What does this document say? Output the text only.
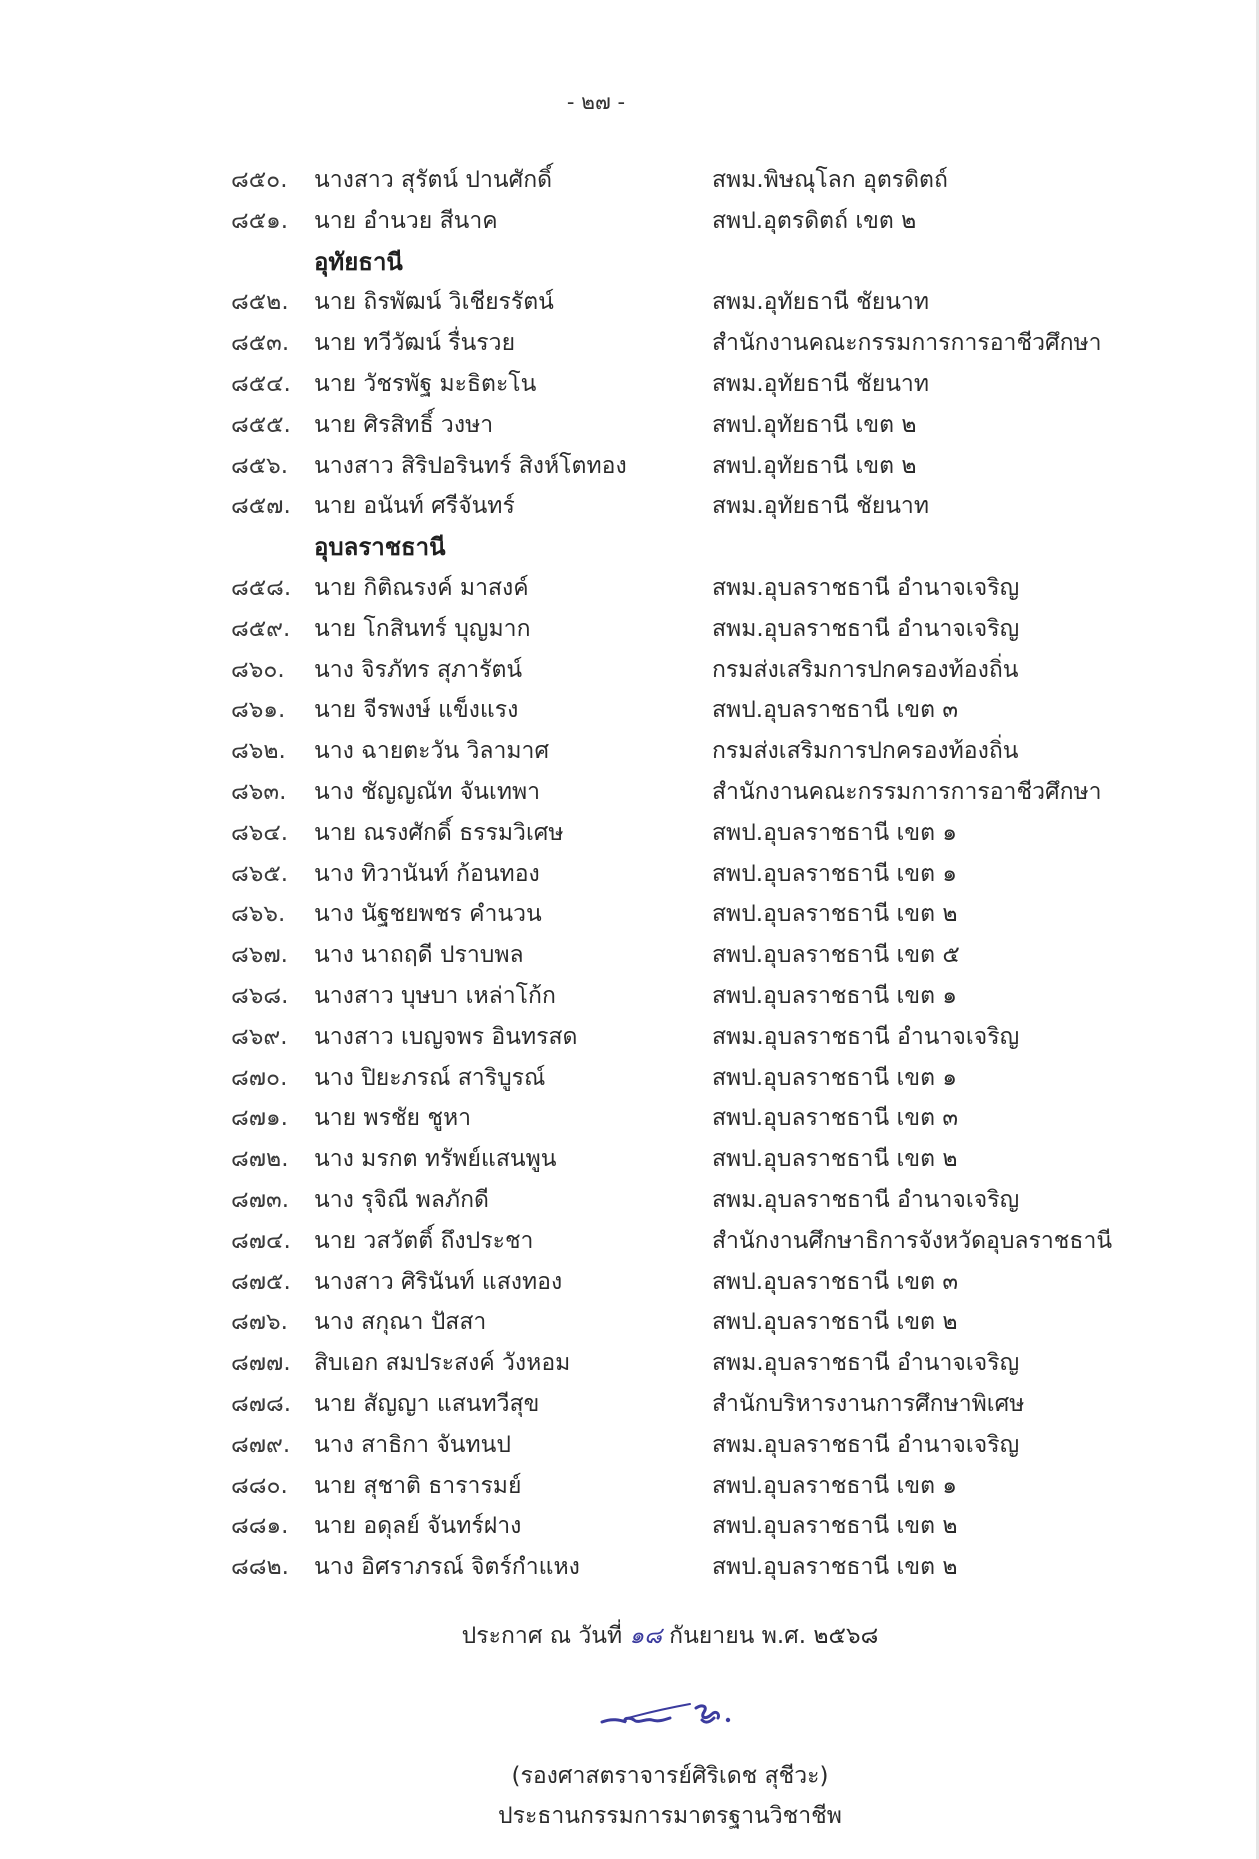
- ๒๗ -
๘๕๐. นางสาว สุรัตน์ ปานศักดิ์	สพม.พิษณุโลก อุตรดิตถ์
๘๕๑. นาย อำนวย สีนาค	สพป.อุตรดิตถ์ เขต ๒
อุทัยธานี
๘๕๒. นาย ถิรพัฒน์ วิเชียรรัตน์	สพม.อุทัยธานี ชัยนาท
๘๕๓. นาย ทวีวัฒน์ รื่นรวย	สำนักงานคณะกรรมการการอาชีวศึกษา
๘๕๔. นาย วัชรพัฐ มะธิตะโน	สพม.อุทัยธานี ชัยนาท
๘๕๕. นาย ศิรสิทธิ์ วงษา	สพป.อุทัยธานี เขต ๒
๘๕๖. นางสาว สิริปอรินทร์ สิงห์โตทอง	สพป.อุทัยธานี เขต ๒
๘๕๗. นาย อนันท์ ศรีจันทร์	สพม.อุทัยธานี ชัยนาท
อุบลราชธานี
๘๕๘. นาย กิติณรงค์ มาสงค์	สพม.อุบลราชธานี อำนาจเจริญ
๘๕๙. นาย โกสินทร์ บุญมาก	สพม.อุบลราชธานี อำนาจเจริญ
๘๖๐. นาง จิรภัทร สุภารัตน์	กรมส่งเสริมการปกครองท้องถิ่น
๘๖๑. นาย จีรพงษ์ แข็งแรง	สพป.อุบลราชธานี เขต ๓
๘๖๒. นาง ฉายตะวัน วิลามาศ	กรมส่งเสริมการปกครองท้องถิ่น
๘๖๓. นาง ชัญญณัท จันเทพา	สำนักงานคณะกรรมการการอาชีวศึกษา
๘๖๔. นาย ณรงศักดิ์ ธรรมวิเศษ	สพป.อุบลราชธานี เขต ๑
๘๖๕. นาง ทิวานันท์ ก้อนทอง	สพป.อุบลราชธานี เขต ๑
๘๖๖. นาง นัฐชยพชร คำนวน	สพป.อุบลราชธานี เขต ๒
๘๖๗. นาง นาถฤดี ปราบพล	สพป.อุบลราชธานี เขต ๕
๘๖๘. นางสาว บุษบา เหล่าโก้ก	สพป.อุบลราชธานี เขต ๑
๘๖๙. นางสาว เบญจพร อินทรสด	สพม.อุบลราชธานี อำนาจเจริญ
๘๗๐. นาง ปิยะภรณ์ สาริบูรณ์	สพป.อุบลราชธานี เขต ๑
๘๗๑. นาย พรชัย ชูหา	สพป.อุบลราชธานี เขต ๓
๘๗๒. นาง มรกต ทรัพย์แสนพูน	สพป.อุบลราชธานี เขต ๒
๘๗๓. นาง รุจิณี พลภักดี	สพม.อุบลราชธานี อำนาจเจริญ
๘๗๔. นาย วสวัตติ์ ถึงประชา	สำนักงานศึกษาธิการจังหวัดอุบลราชธานี
๘๗๕. นางสาว ศิรินันท์ แสงทอง	สพป.อุบลราชธานี เขต ๓
๘๗๖. นาง สกุณา ปัสสา	สพป.อุบลราชธานี เขต ๒
๘๗๗. สิบเอก สมประสงค์ วังหอม	สพม.อุบลราชธานี อำนาจเจริญ
๘๗๘. นาย สัญญา แสนทวีสุข	สำนักบริหารงานการศึกษาพิเศษ
๘๗๙. นาง สาธิกา จันทนป	สพม.อุบลราชธานี อำนาจเจริญ
๘๘๐. นาย สุชาติ ธารารมย์	สพป.อุบลราชธานี เขต ๑
๘๘๑. นาย อดุลย์ จันทร์ฝาง	สพป.อุบลราชธานี เขต ๒
๘๘๒. นาง อิศราภรณ์ จิตร์กำแหง	สพป.อุบลราชธานี เขต ๒
ประกาศ ณ วันที่ ๑๘ กันยายน พ.ศ. ๒๕๖๘
(รองศาสตราจารย์ศิริเดช สุชีวะ)
ประธานกรรมการมาตรฐานวิชาชีพ
